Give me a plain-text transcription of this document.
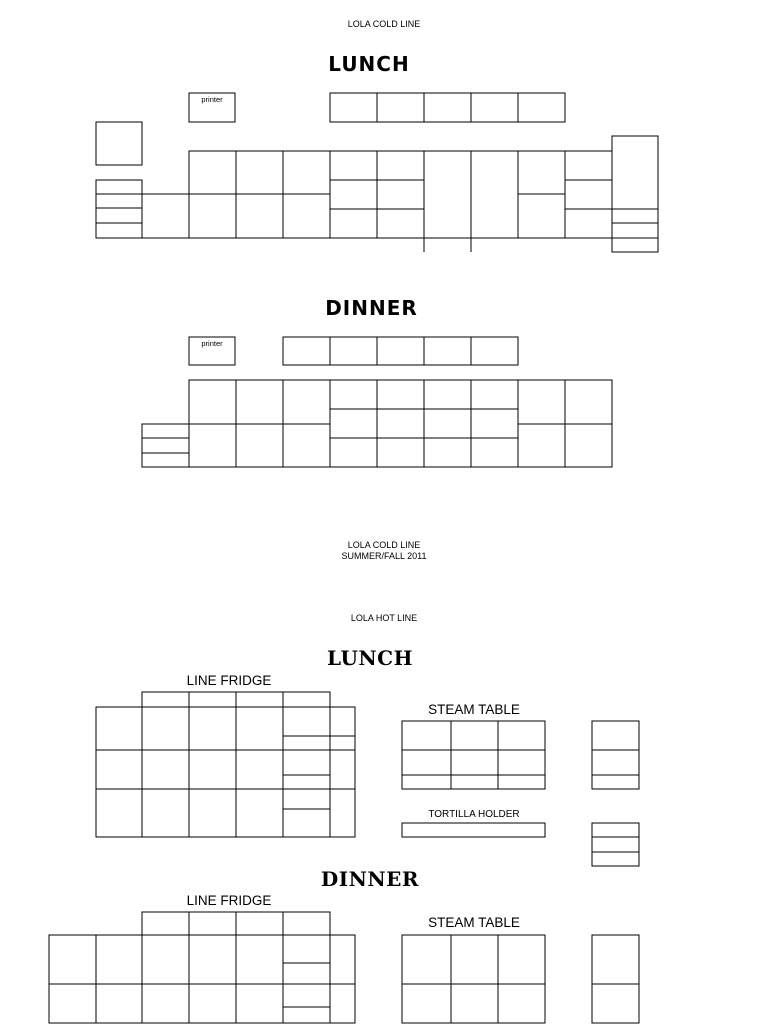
LOLA COLD LINE
LUNCH
printer
DINNER
printer
LOLA COLD LINE
SUMMER/FALL 2011
LOLA HOT LINE
LUNCH
LINE FRIDGE
STEAM TABLE
TORTILLA HOLDER
DINNER
LINE FRIDGE
STEAM TABLE
